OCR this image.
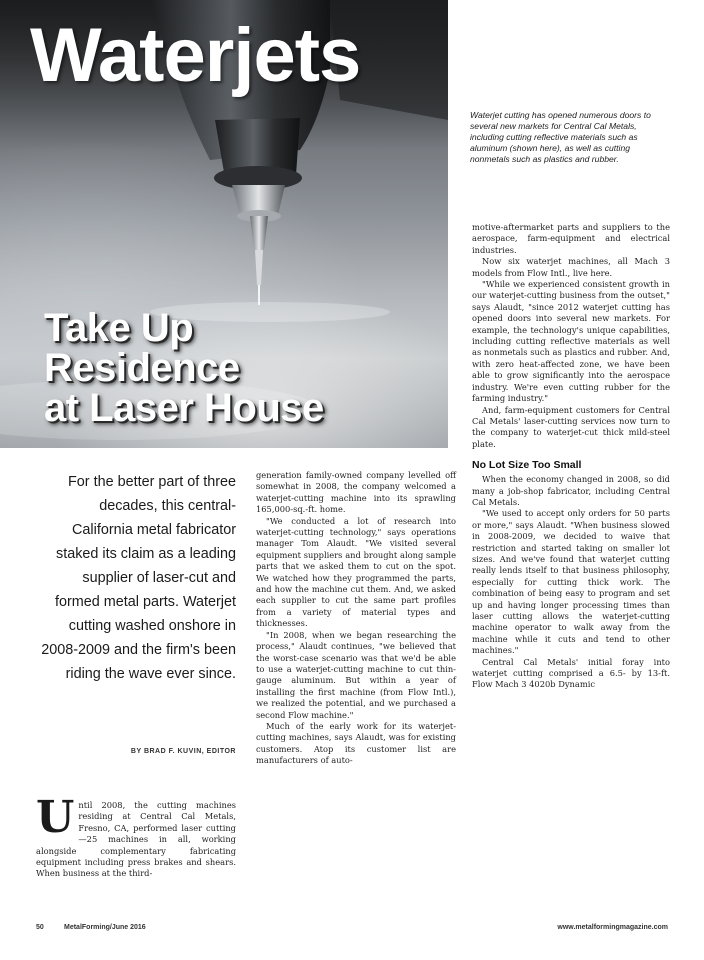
Waterjets
Take Up
Residence
at Laser House
Waterjet cutting has opened numerous doors to several new markets for Central Cal Metals, including cutting reflective materials such as aluminum (shown here), as well as cutting nonmetals such as plastics and rubber.
For the better part of three decades, this central-California metal fabricator staked its claim as a leading supplier of laser-cut and formed metal parts. Waterjet cutting washed onshore in 2008-2009 and the firm's been riding the wave ever since.
BY BRAD F. KUVIN, EDITOR

Until 2008, the cutting machines residing at Central Cal Metals, Fresno, CA, performed laser cutting—25 machines in all, working alongside complementary fabricating equipment including press brakes and shears. When business at the third-

generation family-owned company levelled off somewhat in 2008, the company welcomed a waterjet-cutting machine into its sprawling 165,000-sq.-ft. home.

"We conducted a lot of research into waterjet-cutting technology," says operations manager Tom Alaudt. "We visited several equipment suppliers and brought along sample parts that we asked them to cut on the spot. We watched how they programmed the parts, and how the machine cut them. And, we asked each supplier to cut the same part profiles from a variety of material types and thicknesses.

"In 2008, when we began researching the process," Alaudt continues, "we believed that the worst-case scenario was that we'd be able to use a waterjet-cutting machine to cut thin-gauge aluminum. But within a year of installing the first machine (from Flow Intl.), we realized the potential, and we purchased a second Flow machine."

Much of the early work for its waterjet-cutting machines, says Alaudt, was for existing customers. Atop its customer list are manufacturers of auto-

motive-aftermarket parts and suppliers to the aerospace, farm-equipment and electrical industries.

Now six waterjet machines, all Mach 3 models from Flow Intl., live here.

"While we experienced consistent growth in our waterjet-cutting business from the outset," says Alaudt, "since 2012 waterjet cutting has opened doors into several new markets. For example, the technology's unique capabilities, including cutting reflective materials as well as nonmetals such as plastics and rubber. And, with zero heat-affected zone, we have been able to grow significantly into the aerospace industry. We're even cutting rubber for the farming industry."

And, farm-equipment customers for Central Cal Metals' laser-cutting services now turn to the company to waterjet-cut thick mild-steel plate.

No Lot Size Too Small

When the economy changed in 2008, so did many a job-shop fabricator, including Central Cal Metals.

"We used to accept only orders for 50 parts or more," says Alaudt. "When business slowed in 2008-2009, we decided to waive that restriction and started taking on smaller lot sizes. And we've found that waterjet cutting really lends itself to that business philosophy, especially for cutting thick work. The combination of being easy to program and set up and having longer processing times than laser cutting allows the waterjet-cutting machine operator to walk away from the machine while it cuts and tend to other machines."

Central Cal Metals' initial foray into waterjet cutting comprised a 6.5- by 13-ft. Flow Mach 3 4020b Dynamic

50	MetalForming/June 2016	www.metalformingmagazine.com
